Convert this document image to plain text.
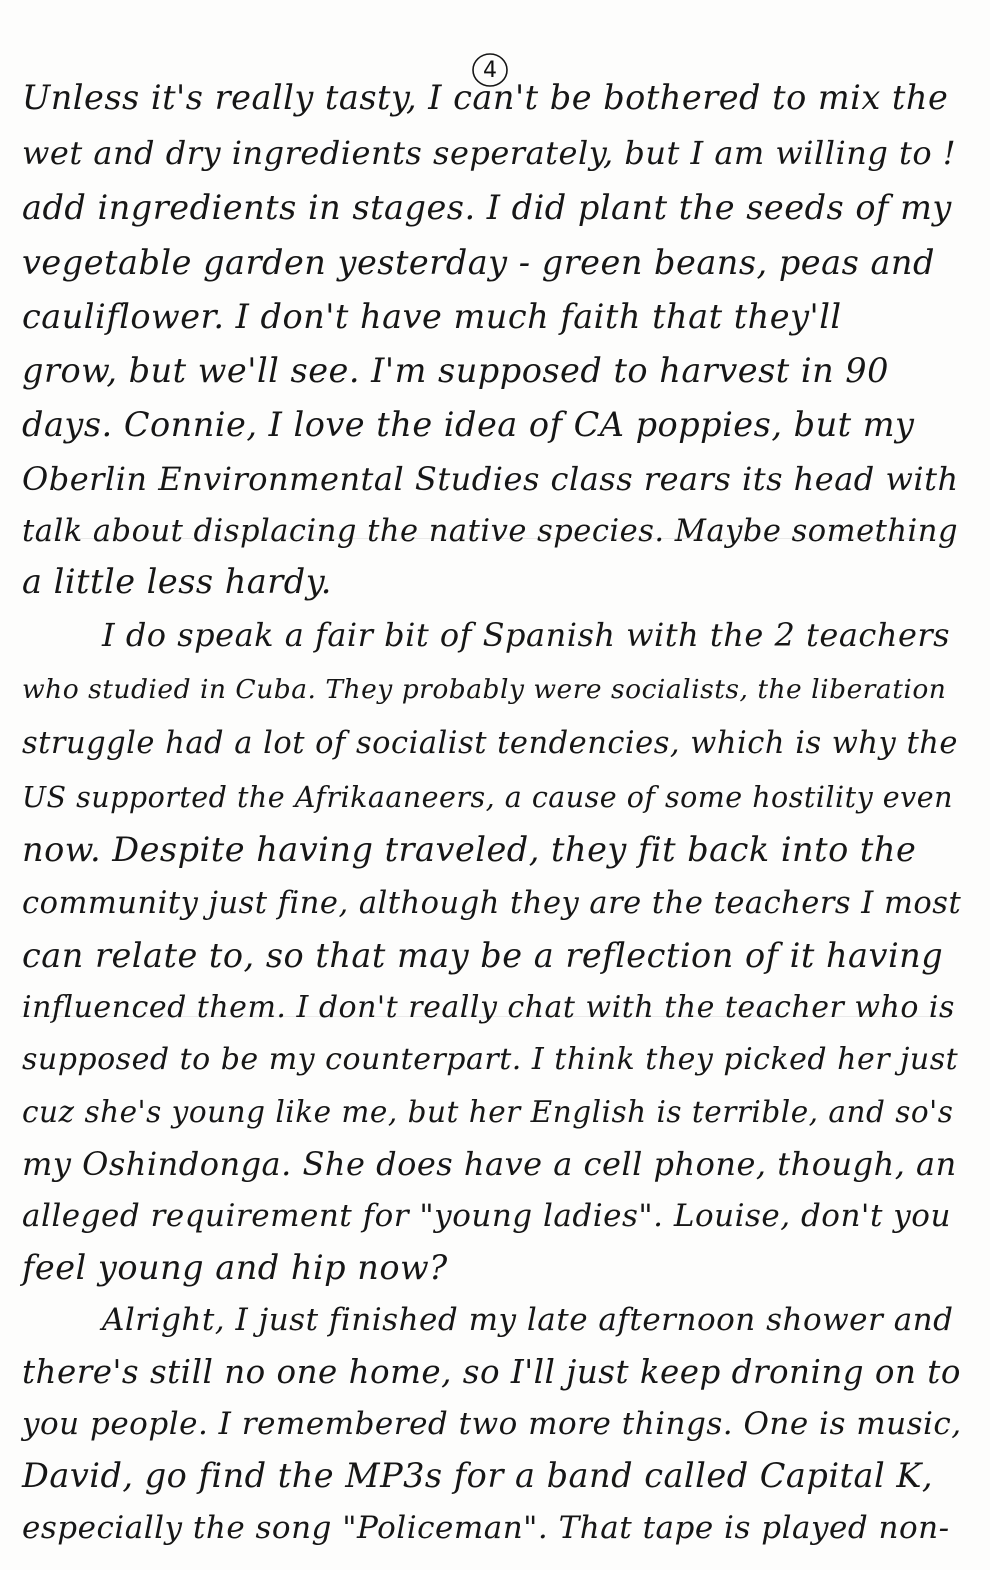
4
Unless it's really tasty, I can't be bothered to mix the
wet and dry ingredients seperately, but I am willing to !
add ingredients in stages. I did plant the seeds of my
vegetable garden yesterday - green beans, peas and
cauliflower. I don't have much faith that they'll
grow, but we'll see. I'm supposed to harvest in 90
days. Connie, I love the idea of CA poppies, but my
Oberlin Environmental Studies class rears its head with
talk about displacing the native species. Maybe something
a little less hardy.
I do speak a fair bit of Spanish with the 2 teachers
who studied in Cuba. They probably were socialists, the liberation
struggle had a lot of socialist tendencies, which is why the
US supported the Afrikaaneers, a cause of some hostility even
now. Despite having traveled, they fit back into the
community just fine, although they are the teachers I most
can relate to, so that may be a reflection of it having
influenced them. I don't really chat with the teacher who is
supposed to be my counterpart. I think they picked her just
cuz she's young like me, but her English is terrible, and so's
my Oshindonga. She does have a cell phone, though, an
alleged requirement for "young ladies". Louise, don't you
feel young and hip now?
Alright, I just finished my late afternoon shower and
there's still no one home, so I'll just keep droning on to
you people. I remembered two more things. One is music,
David, go find the MP3s for a band called Capital K,
especially the song "Policeman". That tape is played non-
